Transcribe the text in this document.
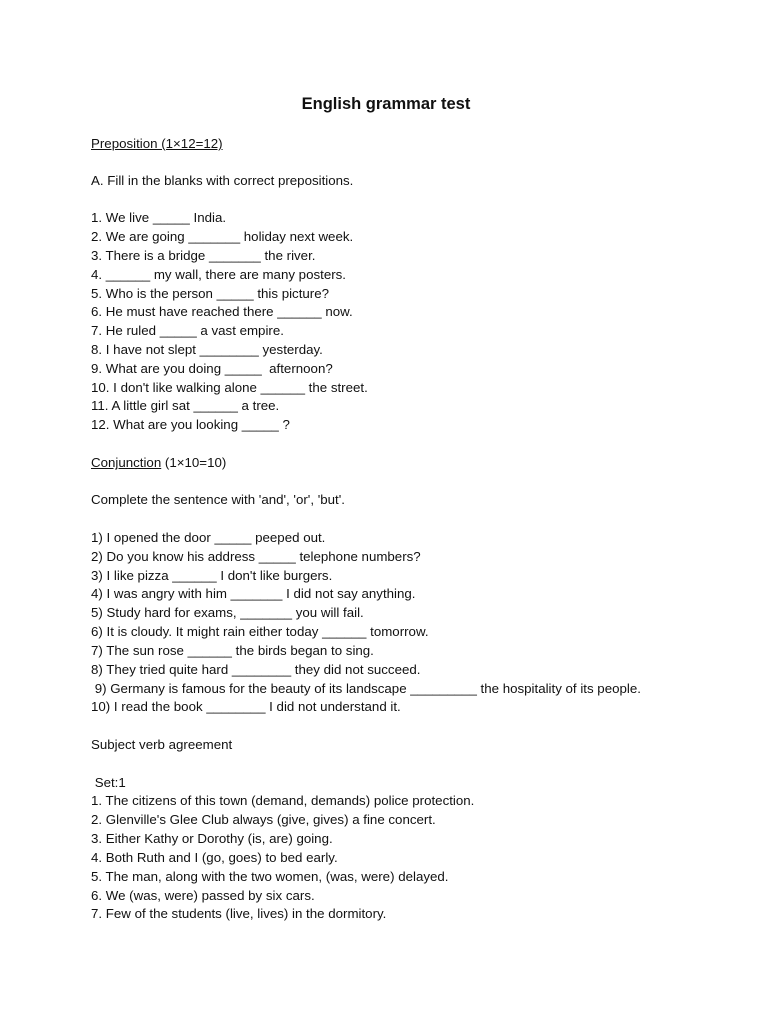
English grammar test

Preposition (1×12=12)

A. Fill in the blanks with correct prepositions.

1. We live _____ India.

2. We are going _______ holiday next week.

3. There is a bridge _______ the river.

4. ______ my wall, there are many posters.

5. Who is the person _____ this picture?

6. He must have reached there ______ now.

7. He ruled _____ a vast empire.

8. I have not slept ________ yesterday.

9. What are you doing _____  afternoon?

10. I don't like walking alone ______ the street.

11. A little girl sat ______ a tree.

12. What are you looking _____ ?

Conjunction (1×10=10)

Complete the sentence with 'and', 'or', 'but'.

1) I opened the door _____ peeped out.

2) Do you know his address _____ telephone numbers?

3) I like pizza ______ I don't like burgers.

4) I was angry with him _______ I did not say anything.

5) Study hard for exams, _______ you will fail.

6) It is cloudy. It might rain either today ______ tomorrow.

7) The sun rose ______ the birds began to sing.

8) They tried quite hard ________ they did not succeed.

9) Germany is famous for the beauty of its landscape _________ the hospitality of its people.

10) I read the book ________ I did not understand it.

Subject verb agreement

Set:1

1. The citizens of this town (demand, demands) police protection.

2. Glenville's Glee Club always (give, gives) a fine concert.

3. Either Kathy or Dorothy (is, are) going.

4. Both Ruth and I (go, goes) to bed early.

5. The man, along with the two women, (was, were) delayed.

6. We (was, were) passed by six cars.

7. Few of the students (live, lives) in the dormitory.
